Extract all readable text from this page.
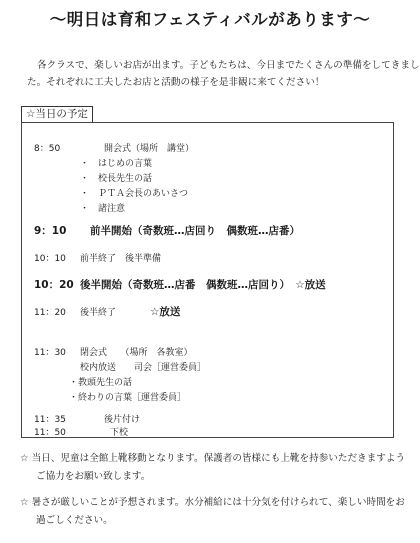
〜明日は育和フェスティバルがあります〜

各クラスで、楽しいお店が出ます。子どもたちは、今日までたくさんの準備をしてきまし

た。それぞれに工夫したお店と活動の様子を是非観に来てください！

☆当日の予定
8：50	開会式（場所　講堂）
・　はじめの言葉
・　校長先生の話
・　ＰＴＡ会長のあいさつ
・　諸注意
9：10 前半開始（奇数班…店回り　偶数班…店番）
10：10 前半終了　後半準備
10：20 後半開始（奇数班…店番　偶数班…店回り）　☆放送
11：20 後半終了	☆放送
11：30 閉会式　　（場所　各教室）
校内放送　　司会［運営委員］
・教頭先生の話
・終わりの言葉［運営委員］
11：35	後片付け
11：50	下校
☆ 当日、児童は全館上靴移動となります。保護者の皆様にも上靴を持参いただきますよう
ご協力をお願い致します。
☆ 暑さが厳しいことが予想されます。水分補給には十分気を付けられて、楽しい時間をお
過ごしください。
